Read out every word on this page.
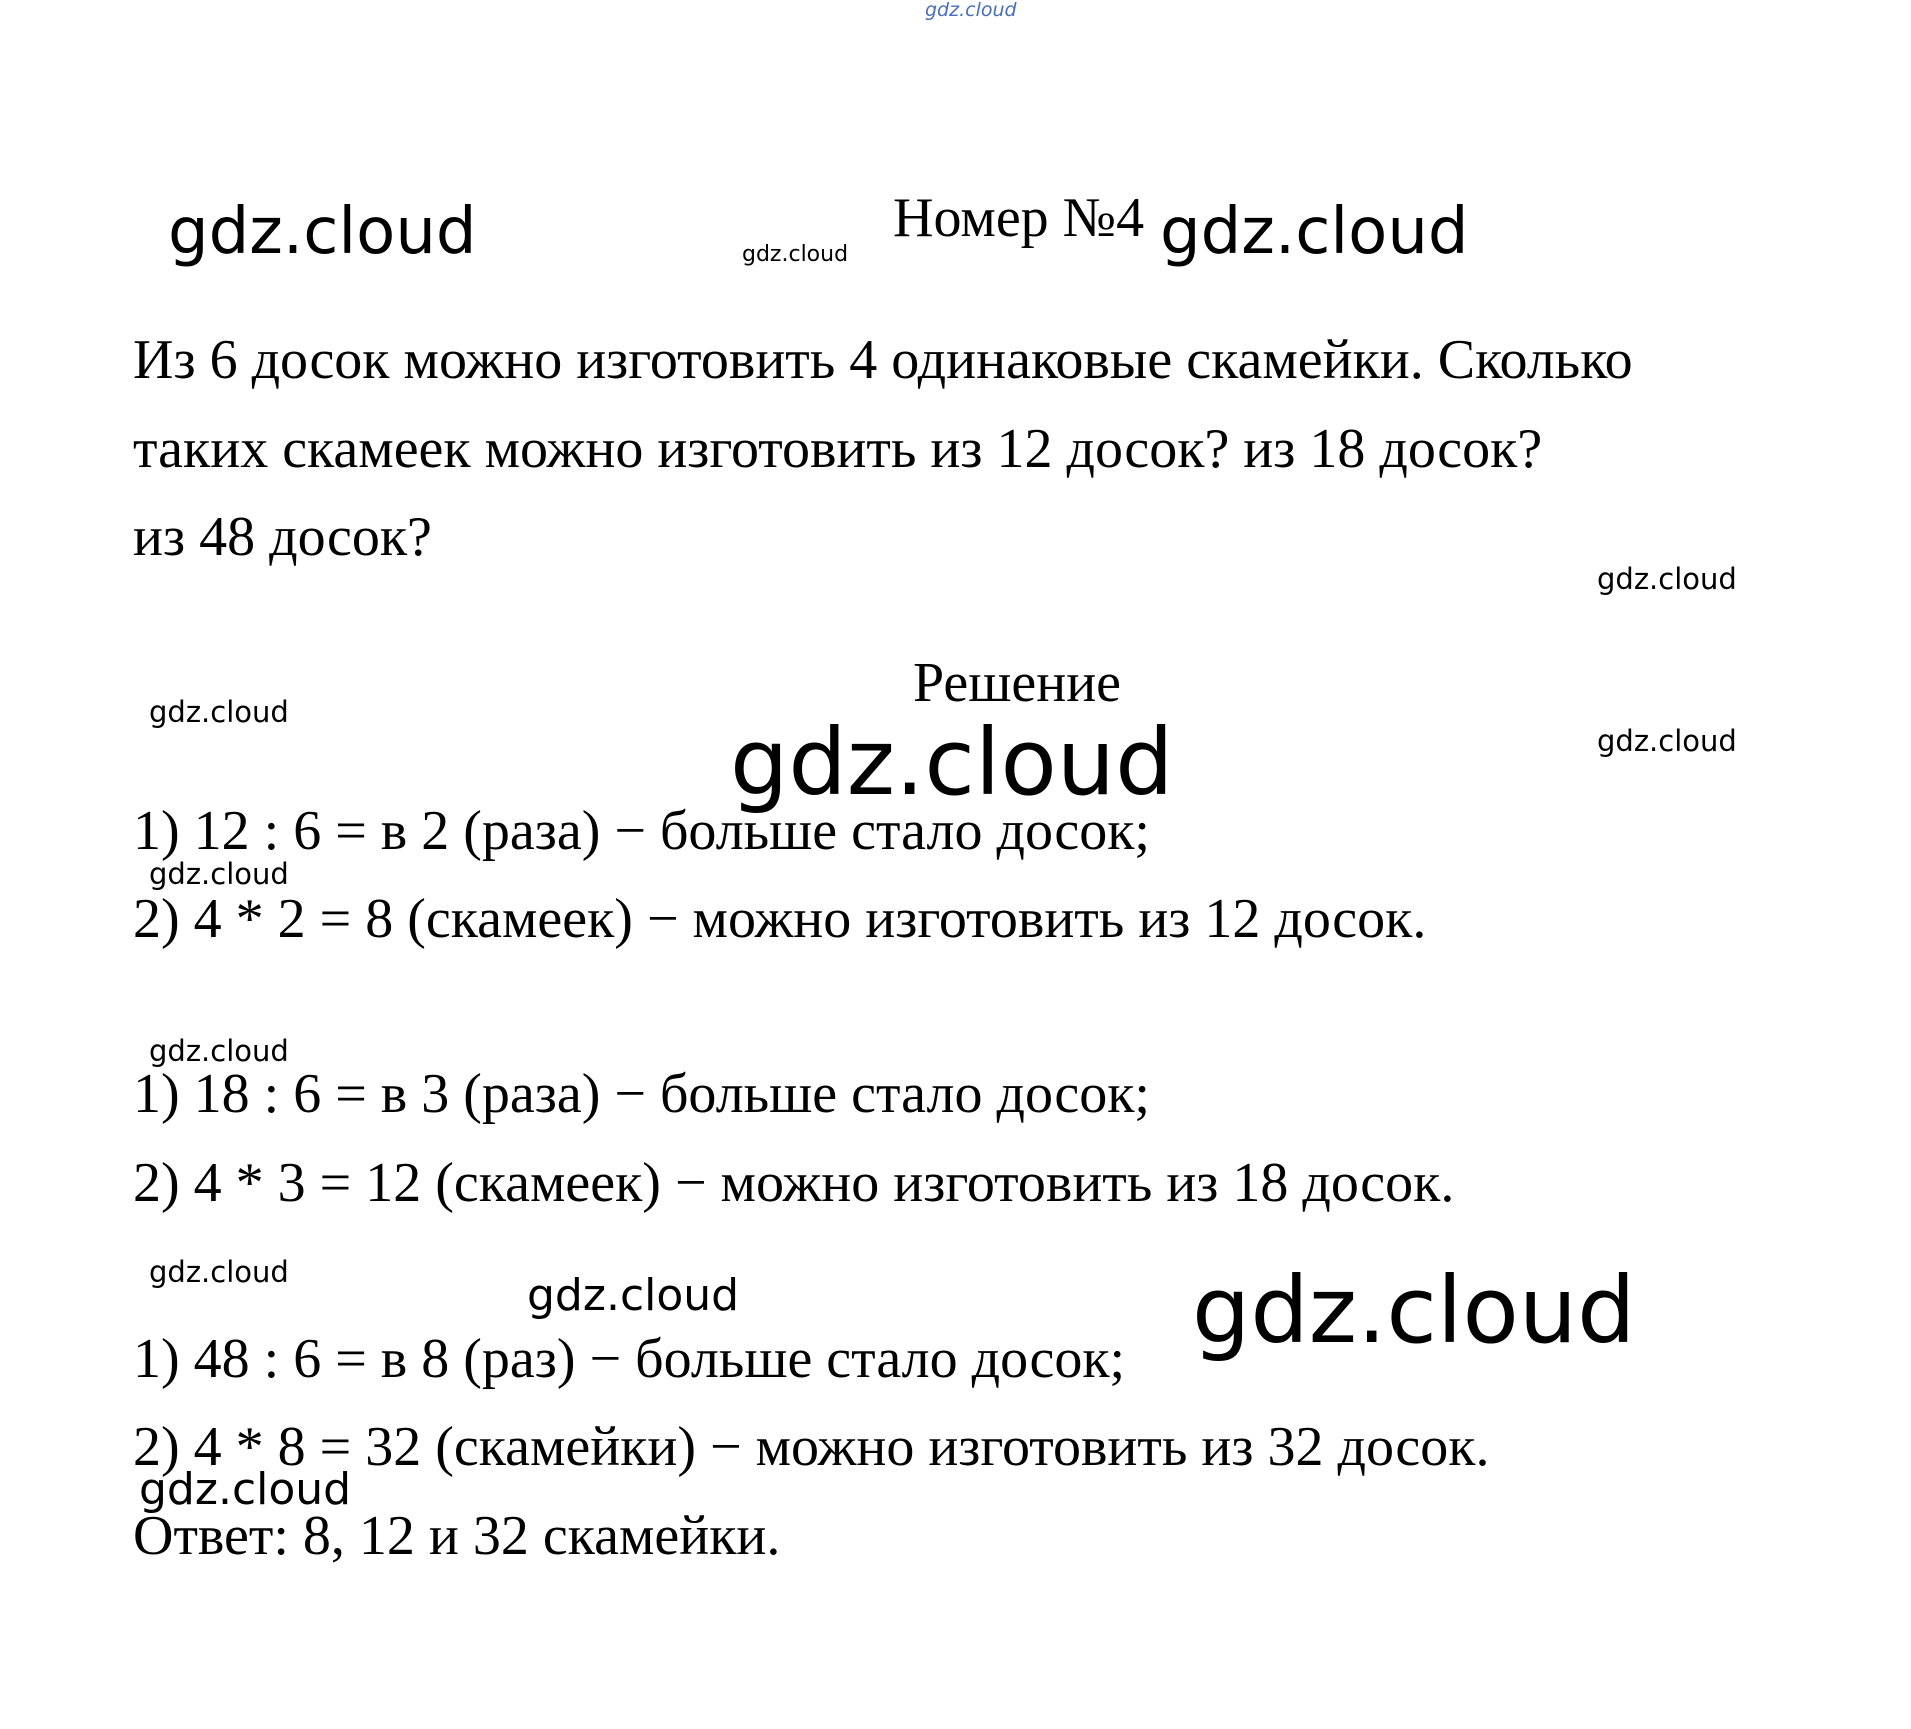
Номер №4
Из 6 досок можно изготовить 4 одинаковые скамейки. Сколько
таких скамеек можно изготовить из 12 досок? из 18 досок?
из 48 досок?
Решение
1) 12 : 6 = в 2 (раза) − больше стало досок;
2) 4 * 2 = 8 (скамеек) − можно изготовить из 12 досок.
1) 18 : 6 = в 3 (раза) − больше стало досок;
2) 4 * 3 = 12 (скамеек) − можно изготовить из 18 досок.
1) 48 : 6 = в 8 (раз) − больше стало досок;
2) 4 * 8 = 32 (скамейки) − можно изготовить из 32 досок.
Ответ: 8, 12 и 32 скамейки.
gdz.cloud
gdz.cloud	gdz.cloud	gdz.cloud
gdz.cloud
gdz.cloud	gdz.cloud	gdz.cloud
gdz.cloud
gdz.cloud
gdz.cloud	gdz.cloud	gdz.cloud
gdz.cloud
